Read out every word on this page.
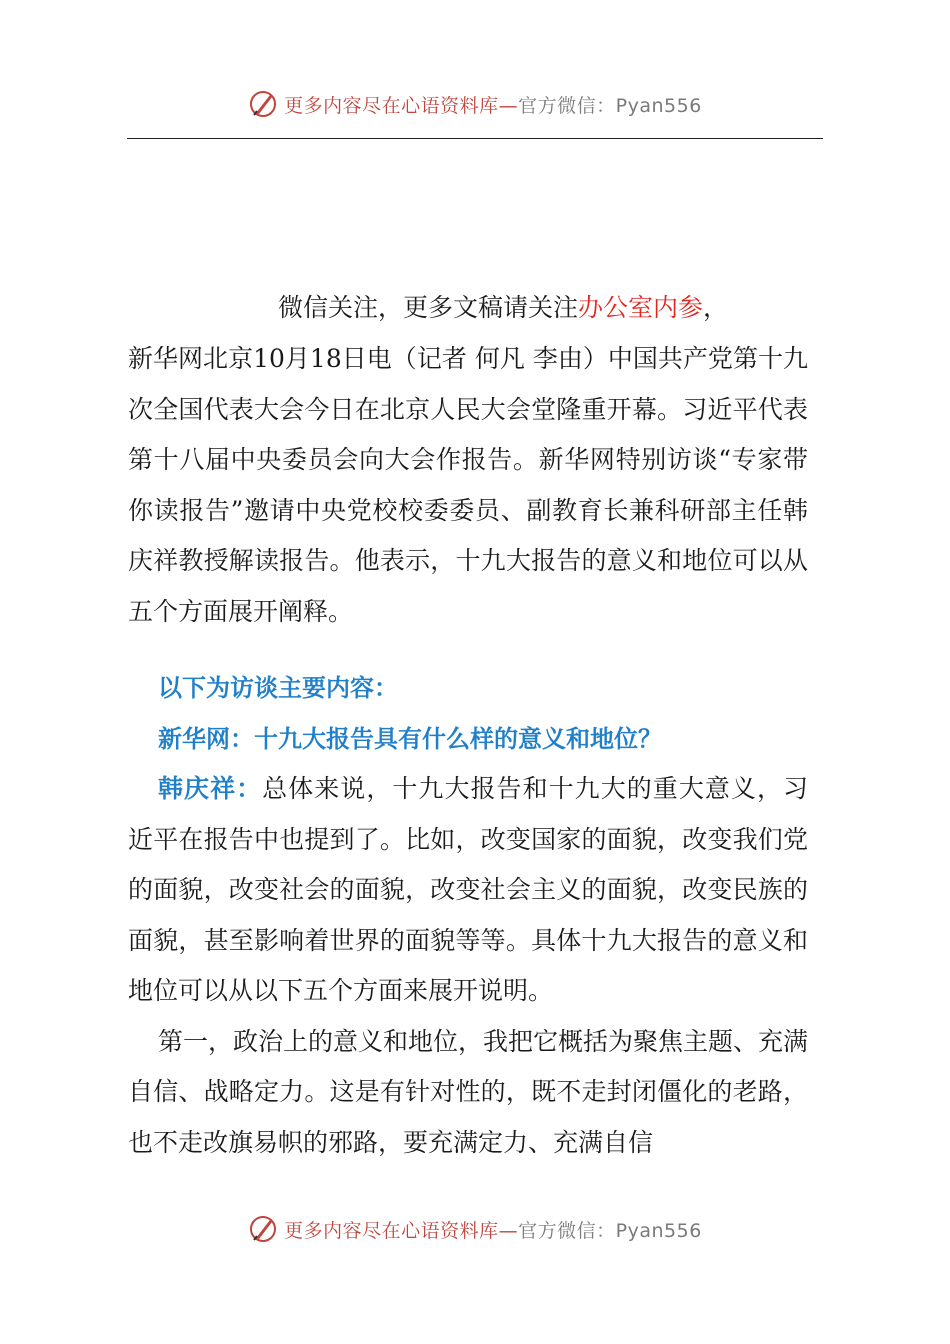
更多内容尽在心语资料库—官方微信：Pyan556
微信关注，更多文稿请关注办公室内参，

新华网北京10月18日电（记者 何凡 李由）中国共产党第十九次全国代表大会今日在北京人民大会堂隆重开幕。习近平代表第十八届中央委员会向大会作报告。新华网特别访谈“专家带你读报告”邀请中央党校校委委员、副教育长兼科研部主任韩庆祥教授解读报告。他表示，十九大报告的意义和地位可以从五个方面展开阐释。

以下为访谈主要内容：
新华网：十九大报告具有什么样的意义和地位？

韩庆祥：总体来说，十九大报告和十九大的重大意义，习近平在报告中也提到了。比如，改变国家的面貌，改变我们党的面貌，改变社会的面貌，改变社会主义的面貌，改变民族的面貌，甚至影响着世界的面貌等等。具体十九大报告的意义和地位可以从以下五个方面来展开说明。

第一，政治上的意义和地位，我把它概括为聚焦主题、充满自信、战略定力。这是有针对性的，既不走封闭僵化的老路，也不走改旗易帜的邪路，要充满定力、充满自信

更多内容尽在心语资料库—官方微信：Pyan556
